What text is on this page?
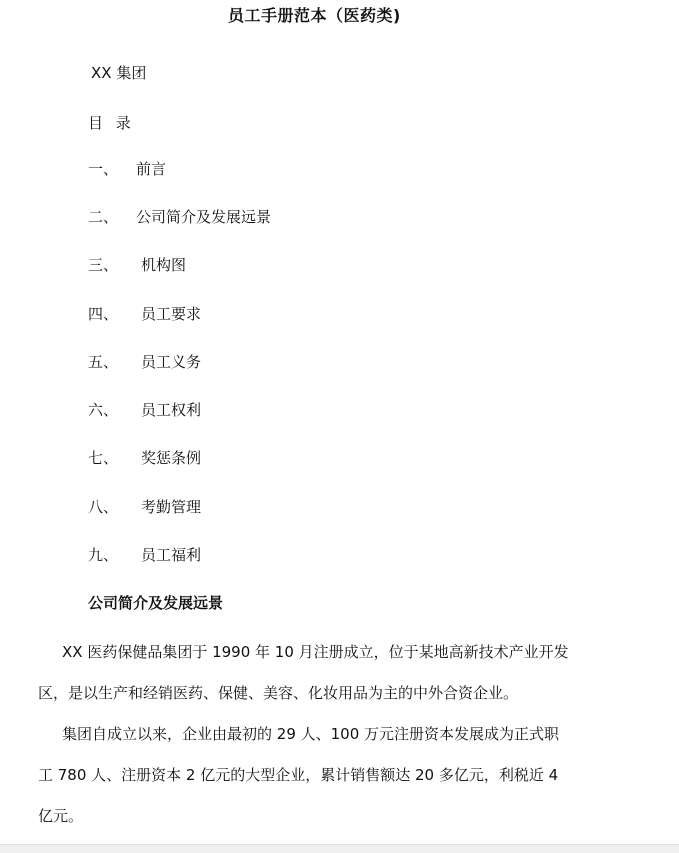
员工手册范本（医药类)
XX 集团
目 录
一、 前言
二、 公司简介及发展远景
三、 机构图
四、 员工要求
五、 员工义务
六、 员工权利
七、 奖惩条例
八、 考勤管理
九、 员工福利
公司简介及发展远景
XX 医药保健品集团于 1990 年 10 月注册成立，位于某地高新技术产业开发
区，是以生产和经销医药、保健、美容、化妆用品为主的中外合资企业。
集团自成立以来，企业由最初的 29 人、100 万元注册资本发展成为正式职
工 780 人、注册资本 2 亿元的大型企业，累计销售额达 20 多亿元，利税近 4
亿元。
